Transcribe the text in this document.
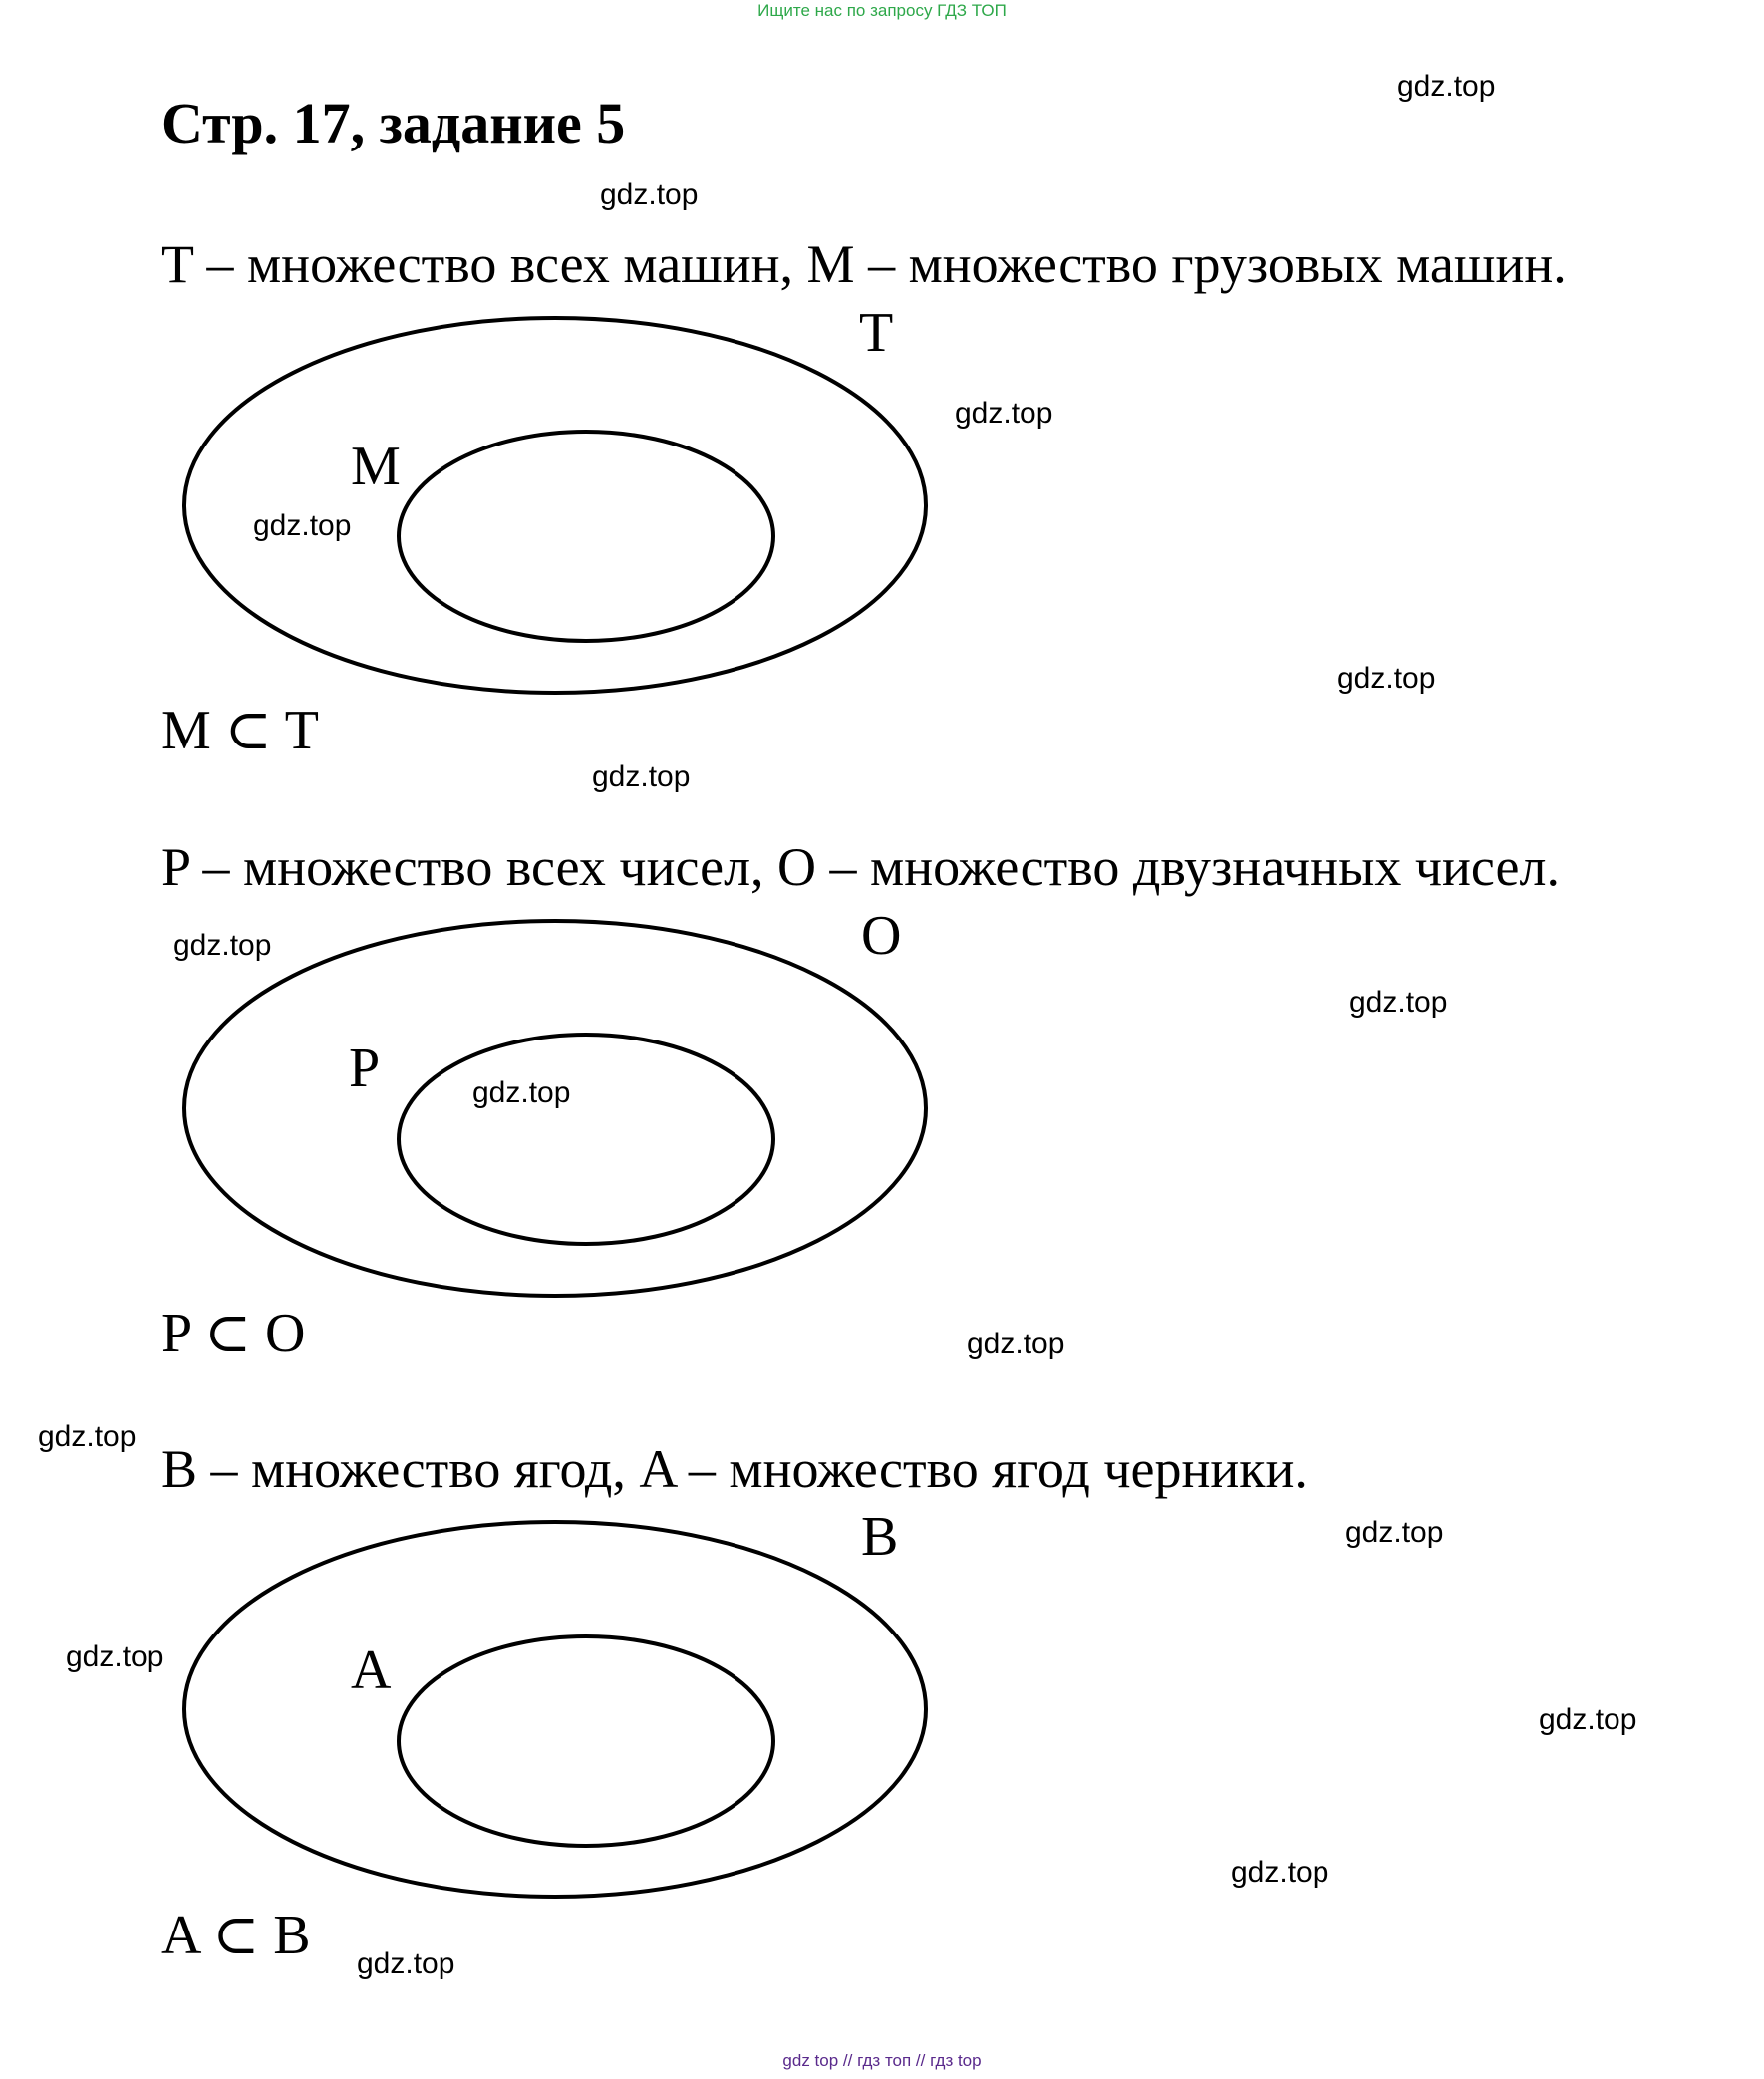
Ищите нас по запросу ГДЗ ТОП
Стр. 17, задание 5

T – множество всех машин, M – множество грузовых машин.

T

M

M ⊂ T

P – множество всех чисел, O – множество двузначных чисел.

O

P

P ⊂ O

B – множество ягод, A – множество ягод черники.

B

A

A ⊂ B

gdz.top
gdz.top
gdz.top
gdz.top
gdz.top
gdz.top
gdz.top
gdz.top
gdz.top
gdz.top
gdz.top
gdz.top
gdz.top
gdz.top
gdz.top
gdz.top
gdz top // гдз топ // гдз top
